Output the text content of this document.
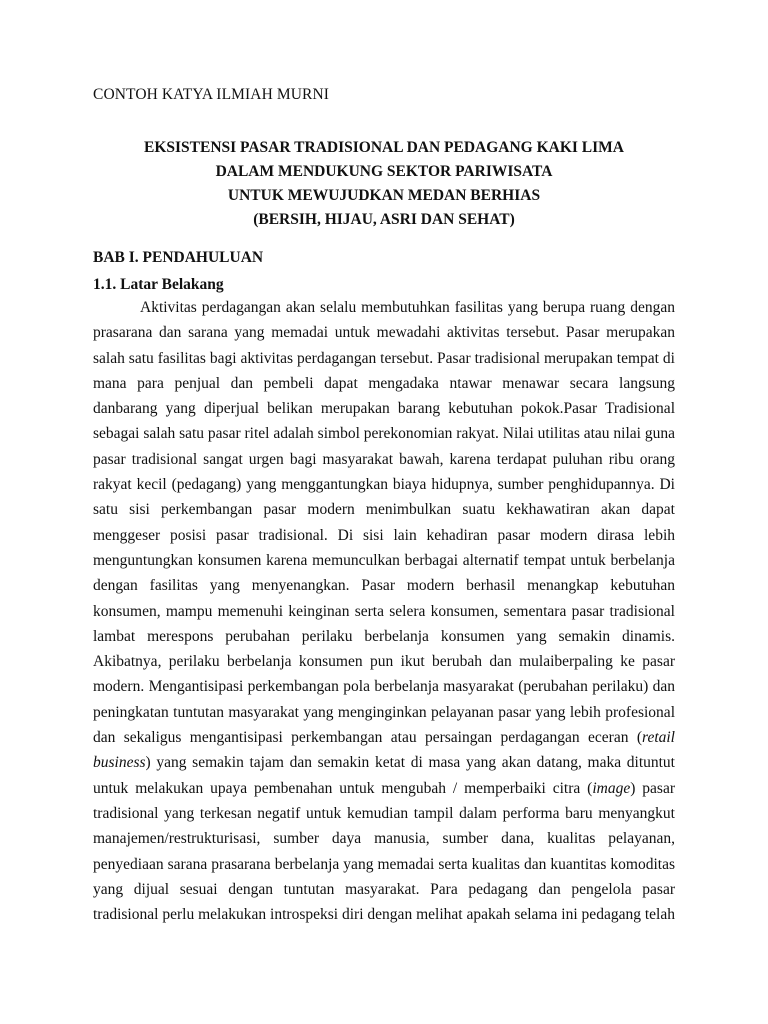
CONTOH KATYA ILMIAH MURNI
EKSISTENSI PASAR TRADISIONAL DAN PEDAGANG KAKI LIMA
DALAM MENDUKUNG SEKTOR PARIWISATA
UNTUK MEWUJUDKAN MEDAN BERHIAS
(BERSIH, HIJAU, ASRI DAN SEHAT)
BAB I. PENDAHULUAN
1.1. Latar Belakang
Aktivitas perdagangan akan selalu membutuhkan fasilitas yang berupa ruang dengan
prasarana dan sarana yang memadai untuk mewadahi aktivitas tersebut. Pasar merupakan
salah satu fasilitas bagi aktivitas perdagangan tersebut. Pasar tradisional merupakan tempat di
mana para penjual dan pembeli dapat mengadaka ntawar menawar secara langsung
danbarang yang diperjual belikan merupakan barang kebutuhan pokok.Pasar Tradisional
sebagai salah satu pasar ritel adalah simbol perekonomian rakyat. Nilai utilitas atau nilai guna
pasar tradisional sangat urgen bagi masyarakat bawah, karena terdapat puluhan ribu orang
rakyat kecil (pedagang) yang menggantungkan biaya hidupnya, sumber penghidupannya. Di
satu sisi perkembangan pasar modern menimbulkan suatu kekhawatiran akan dapat
menggeser posisi pasar tradisional. Di sisi lain kehadiran pasar modern dirasa lebih
menguntungkan konsumen karena memunculkan berbagai alternatif tempat untuk berbelanja
dengan fasilitas yang menyenangkan. Pasar modern berhasil menangkap kebutuhan
konsumen, mampu memenuhi keinginan serta selera konsumen, sementara pasar tradisional
lambat merespons perubahan perilaku berbelanja konsumen yang semakin dinamis.
Akibatnya, perilaku berbelanja konsumen pun ikut berubah dan mulaiberpaling ke pasar
modern. Mengantisipasi perkembangan pola berbelanja masyarakat (perubahan perilaku) dan
peningkatan tuntutan masyarakat yang menginginkan pelayanan pasar yang lebih profesional
dan sekaligus mengantisipasi perkembangan atau persaingan perdagangan eceran (retail
business) yang semakin tajam dan semakin ketat di masa yang akan datang, maka dituntut
untuk melakukan upaya pembenahan untuk mengubah / memperbaiki citra (image) pasar
tradisional yang terkesan negatif untuk kemudian tampil dalam performa baru menyangkut
manajemen/restrukturisasi, sumber daya manusia, sumber dana, kualitas pelayanan,
penyediaan sarana prasarana berbelanja yang memadai serta kualitas dan kuantitas komoditas
yang dijual sesuai dengan tuntutan masyarakat. Para pedagang dan pengelola pasar
tradisional perlu melakukan introspeksi diri dengan melihat apakah selama ini pedagang telah
